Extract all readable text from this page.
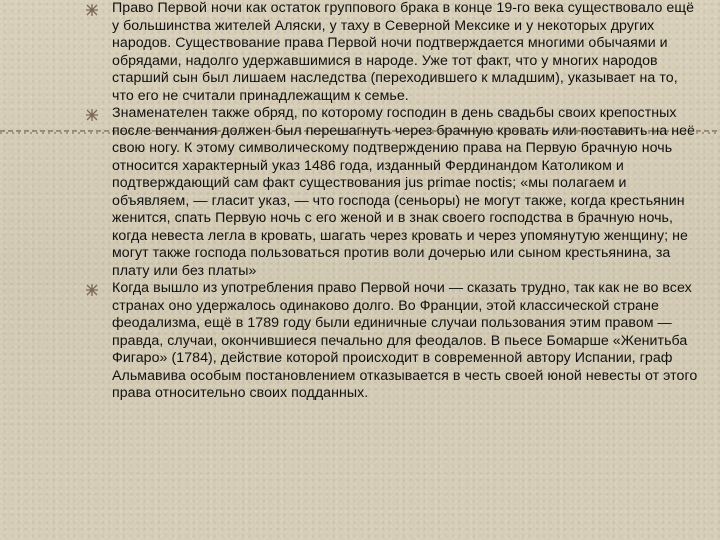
Право Первой ночи как остаток группового брака в конце 19-го века существовало ещё у большинства жителей Аляски, у таху в Северной Мексике и у некоторых других народов. Существование права Первой ночи подтверждается многими обычаями и обрядами, надолго удержавшимися в народе. Уже тот факт, что у многих народов старший сын был лишаем наследства (переходившего к младшим), указывает на то, что его не считали принадлежащим к семье.

Знаменателен также обряд, по которому господин в день свадьбы своих крепостных после венчания должен был перешагнуть через брачную кровать или поставить на неё свою ногу. К этому символическому подтверждению права на Первую брачную ночь относится характерный указ 1486 года, изданный Фердинандом Католиком и подтверждающий сам факт существования jus primae noctis; «мы полагаем и объявляем, — гласит указ, — что господа (сеньоры) не могут также, когда крестьянин женится, спать Первую ночь с его женой и в знак своего господства в брачную ночь, когда невеста легла в кровать, шагать через кровать и через упомянутую женщину; не могут также господа пользоваться против воли дочерью или сыном крестьянина, за плату или без платы»

Когда вышло из употребления право Первой ночи — сказать трудно, так как не во всех странах оно удержалось одинаково долго. Во Франции, этой классической стране феодализма, ещё в 1789 году были единичные случаи пользования этим правом — правда, случаи, окончившиеся печально для феодалов. В пьесе Бомарше «Женитьба Фигаро» (1784), действие которой происходит в современной автору Испании, граф Альмавива особым постановлением отказывается в честь своей юной невесты от этого права относительно своих подданных.
